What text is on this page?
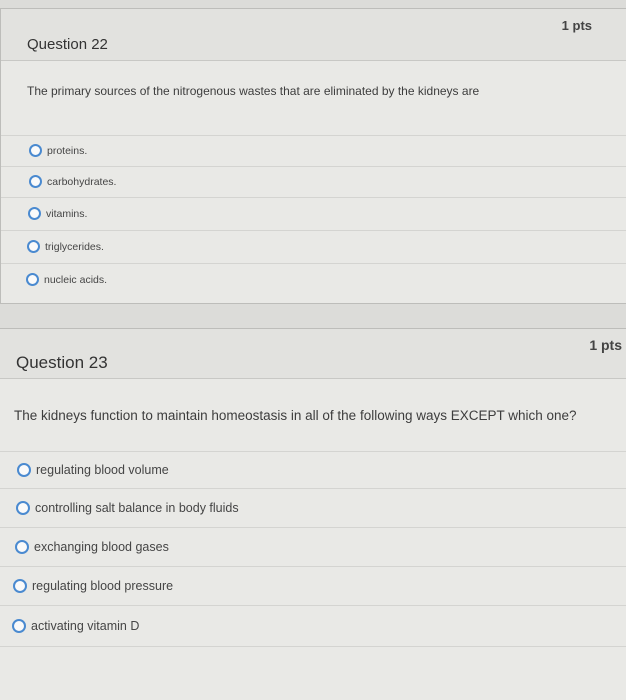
Question 22
1 pts
The primary sources of the nitrogenous wastes that are eliminated by the kidneys are
proteins.
carbohydrates.
vitamins.
triglycerides.
nucleic acids.
Question 23
1 pts
The kidneys function to maintain homeostasis in all of the following ways EXCEPT which one?
regulating blood volume
controlling salt balance in body fluids
exchanging blood gases
regulating blood pressure
activating vitamin D
